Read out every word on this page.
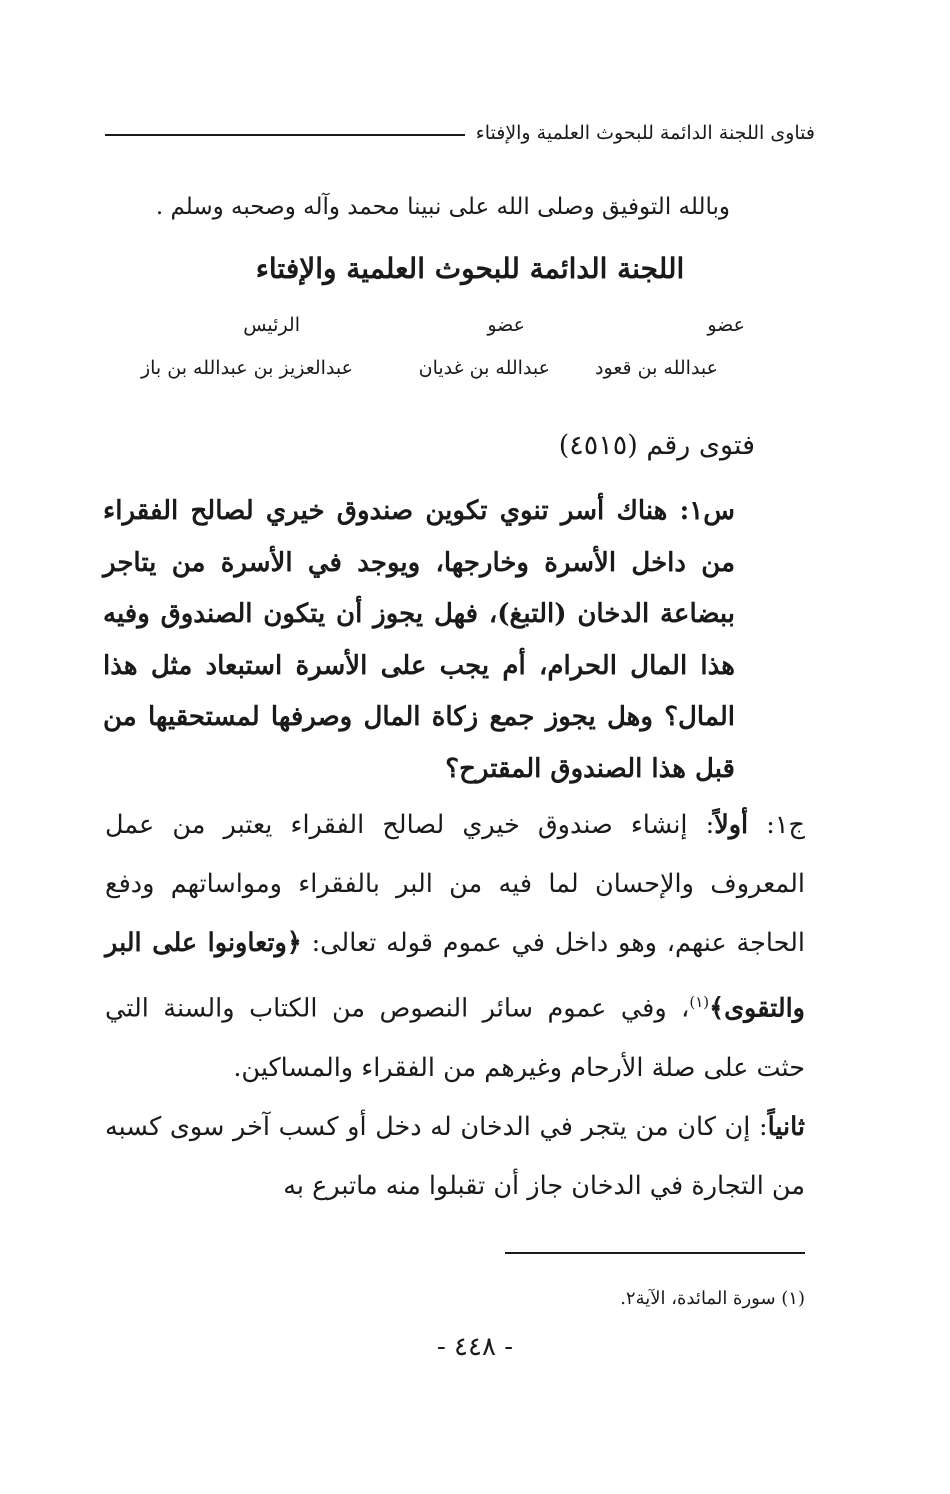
فتاوى اللجنة الدائمة للبحوث العلمية والإفتاء
وبالله التوفيق وصلى الله على نبينا محمد وآله وصحبه وسلم .
اللجنة الدائمة للبحوث العلمية والإفتاء
عضو
عضو
الرئيس
عبدالله بن قعود
عبدالله بن غديان
عبدالعزيز بن عبدالله بن باز
فتوى رقم (٤٥١٥)
س١: هناك أسر تنوي تكوين صندوق خيري لصالح الفقراء من داخل الأسرة وخارجها، ويوجد في الأسرة من يتاجر ببضاعة الدخان (التبغ)، فهل يجوز أن يتكون الصندوق وفيه هذا المال الحرام، أم يجب على الأسرة استبعاد مثل هذا المال؟ وهل يجوز جمع زكاة المال وصرفها لمستحقيها من قبل هذا الصندوق المقترح؟
ج١: أولاً: إنشاء صندوق خيري لصالح الفقراء يعتبر من عمل المعروف والإحسان لما فيه من البر بالفقراء ومواساتهم ودفع الحاجة عنهم، وهو داخل في عموم قوله تعالى: ﴿وتعاونوا على البر والتقوى﴾$^{(١)}$، وفي عموم سائر النصوص من الكتاب والسنة التي حثت على صلة الأرحام وغيرهم من الفقراء والمساكين.
ثانياً: إن كان من يتجر في الدخان له دخل أو كسب آخر سوى كسبه من التجارة في الدخان جاز أن تقبلوا منه ماتبرع به
(١) سورة المائدة، الآية٢.
- ٤٤٨ -
